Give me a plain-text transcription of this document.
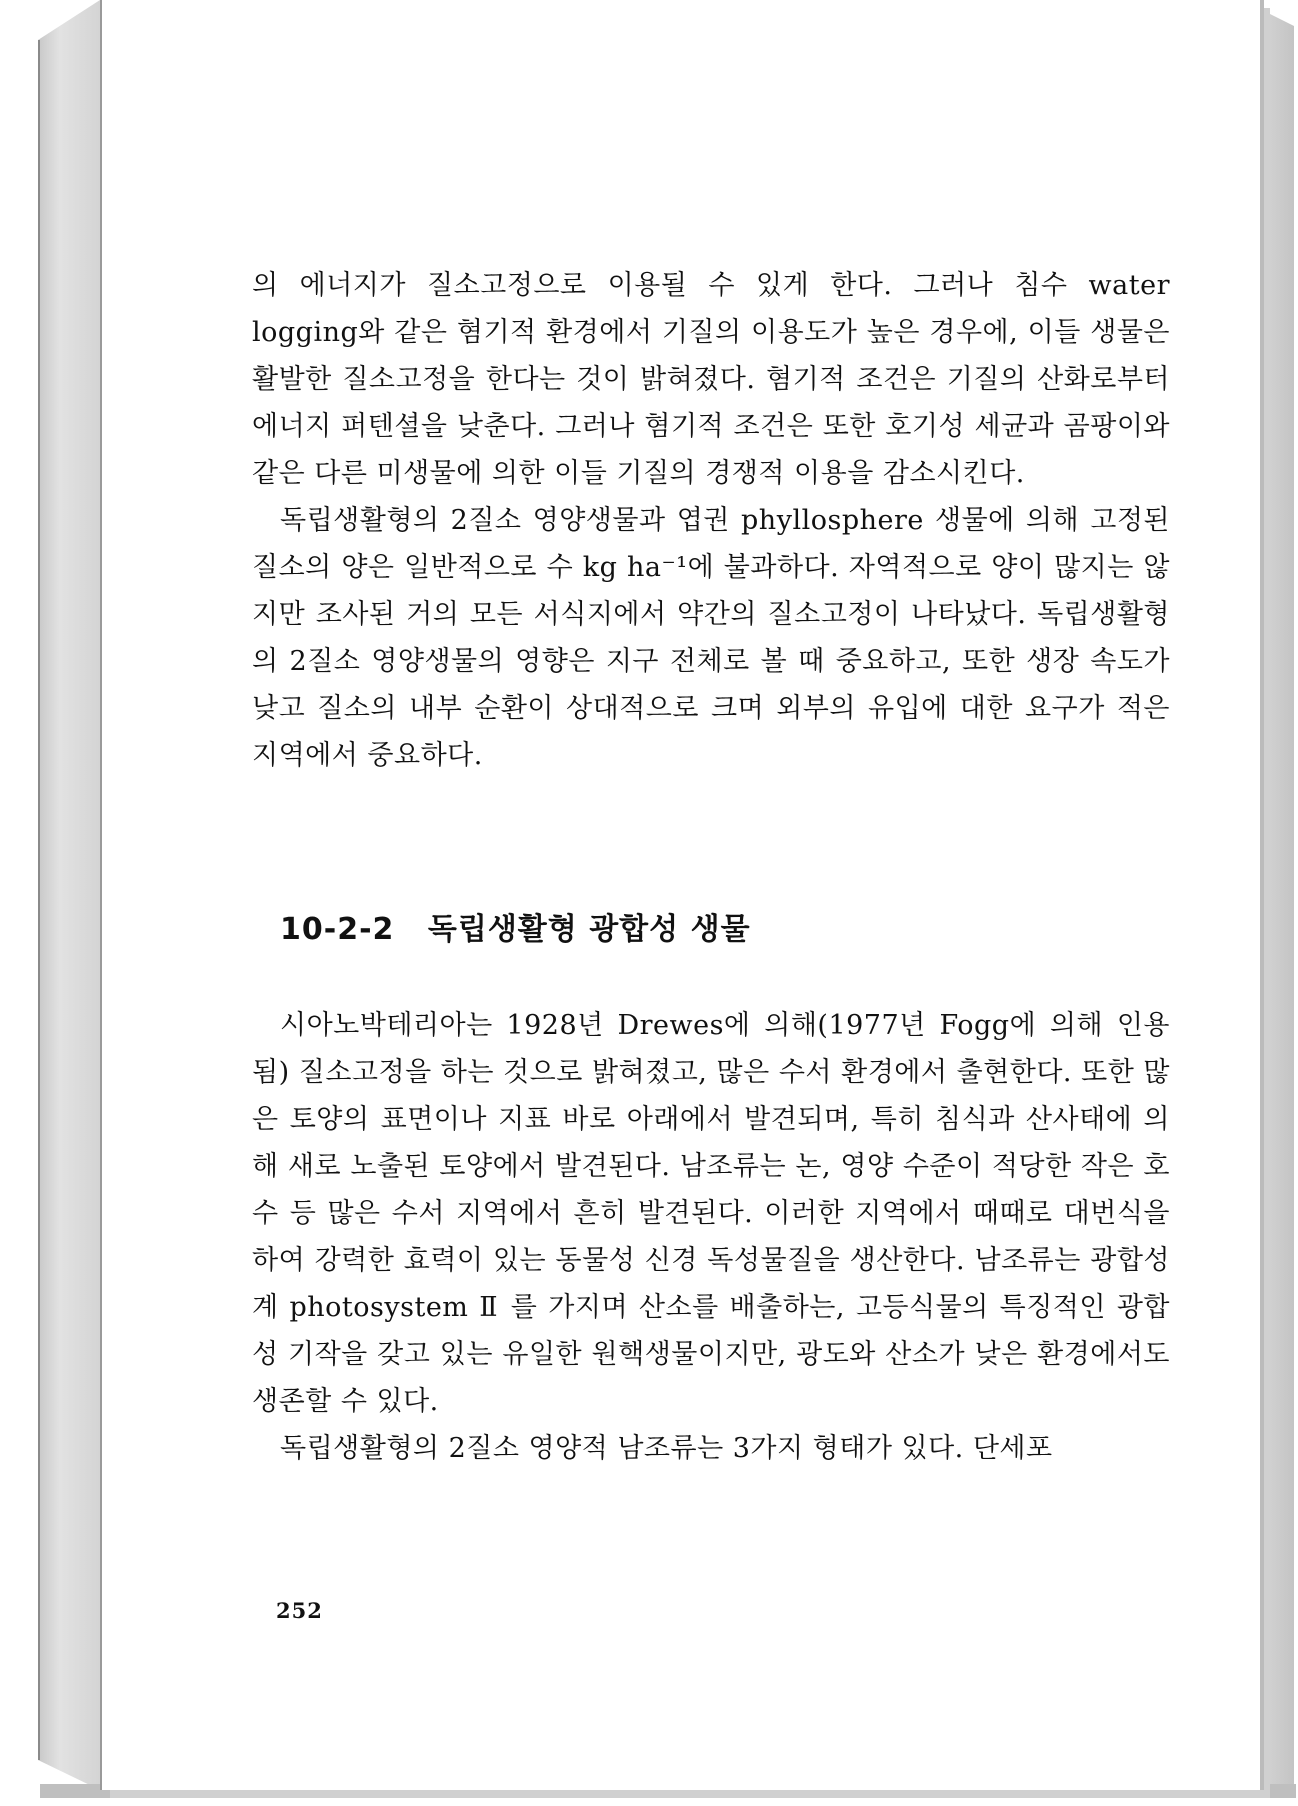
의 에너지가 질소고정으로 이용될 수 있게 한다. 그러나 침수 water logging와 같은 혐기적 환경에서 기질의 이용도가 높은 경우에, 이들 생물은 활발한 질소고정을 한다는 것이 밝혀졌다. 혐기적 조건은 기질의 산화로부터 에너지 퍼텐셜을 낮춘다. 그러나 혐기적 조건은 또한 호기성 세균과 곰팡이와 같은 다른 미생물에 의한 이들 기질의 경쟁적 이용을 감소시킨다.

독립생활형의 2질소 영양생물과 엽권 phyllosphere 생물에 의해 고정된 질소의 양은 일반적으로 수 kg ha⁻¹에 불과하다. 자역적으로 양이 많지는 않지만 조사된 거의 모든 서식지에서 약간의 질소고정이 나타났다. 독립생활형의 2질소 영양생물의 영향은 지구 전체로 볼 때 중요하고, 또한 생장 속도가 낮고 질소의 내부 순환이 상대적으로 크며 외부의 유입에 대한 요구가 적은 지역에서 중요하다.

10-2-2 독립생활형 광합성 생물

시아노박테리아는 1928년 Drewes에 의해(1977년 Fogg에 의해 인용됨) 질소고정을 하는 것으로 밝혀졌고, 많은 수서 환경에서 출현한다. 또한 많은 토양의 표면이나 지표 바로 아래에서 발견되며, 특히 침식과 산사태에 의해 새로 노출된 토양에서 발견된다. 남조류는 논, 영양 수준이 적당한 작은 호수 등 많은 수서 지역에서 흔히 발견된다. 이러한 지역에서 때때로 대번식을 하여 강력한 효력이 있는 동물성 신경 독성물질을 생산한다. 남조류는 광합성계 photosystem Ⅱ 를 가지며 산소를 배출하는, 고등식물의 특징적인 광합성 기작을 갖고 있는 유일한 원핵생물이지만, 광도와 산소가 낮은 환경에서도 생존할 수 있다.

독립생활형의 2질소 영양적 남조류는 3가지 형태가 있다. 단세포

252
